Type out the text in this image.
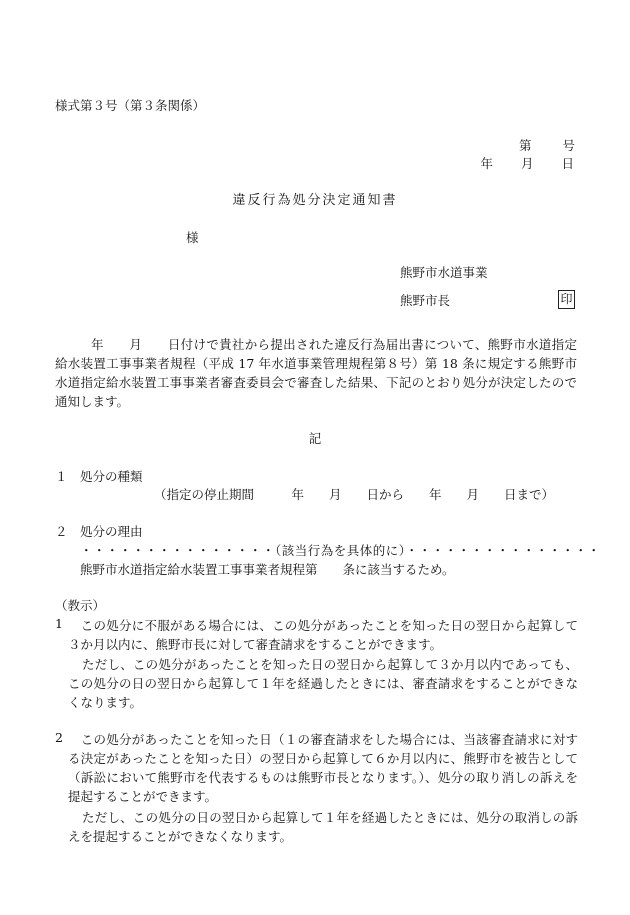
様式第３号（第３条関係）
第　　号
年　　月　　日
違反行為処分決定通知書
様
熊野市水道事業
熊野市長	印
年　　月　　日付けで貴社から提出された違反行為届出書について、熊野市水道指定給水装置工事事業者規程（平成 17 年水道事業管理規程第８号）第 18 条に規定する熊野市水道指定給水装置工事事業者審査委員会で審査した結果、下記のとおり処分が決定したので通知します。
記
１　処分の種類
（指定の停止期間　　　年　　月　　日から　　年　　月　　日まで）
２　処分の理由
・・・・・・・・・・・・・・・（該当行為を具体的に）・・・・・・・・・・・・・・・
熊野市水道指定給水装置工事事業者規程第　　条に該当するため。
（教示）
1 　この処分に不服がある場合には、この処分があったことを知った日の翌日から起算して３か月以内に、熊野市長に対して審査請求をすることができます。
ただし、この処分があったことを知った日の翌日から起算して３か月以内であっても、この処分の日の翌日から起算して１年を経過したときには、審査請求をすることができなくなります。
2 　この処分があったことを知った日（１の審査請求をした場合には、当該審査請求に対する決定があったことを知った日）の翌日から起算して６か月以内に、熊野市を被告として（訴訟において熊野市を代表するものは熊野市長となります。）、処分の取り消しの訴えを提起することができます。
ただし、この処分の日の翌日から起算して１年を経過したときには、処分の取消しの訴えを提起することができなくなります。
